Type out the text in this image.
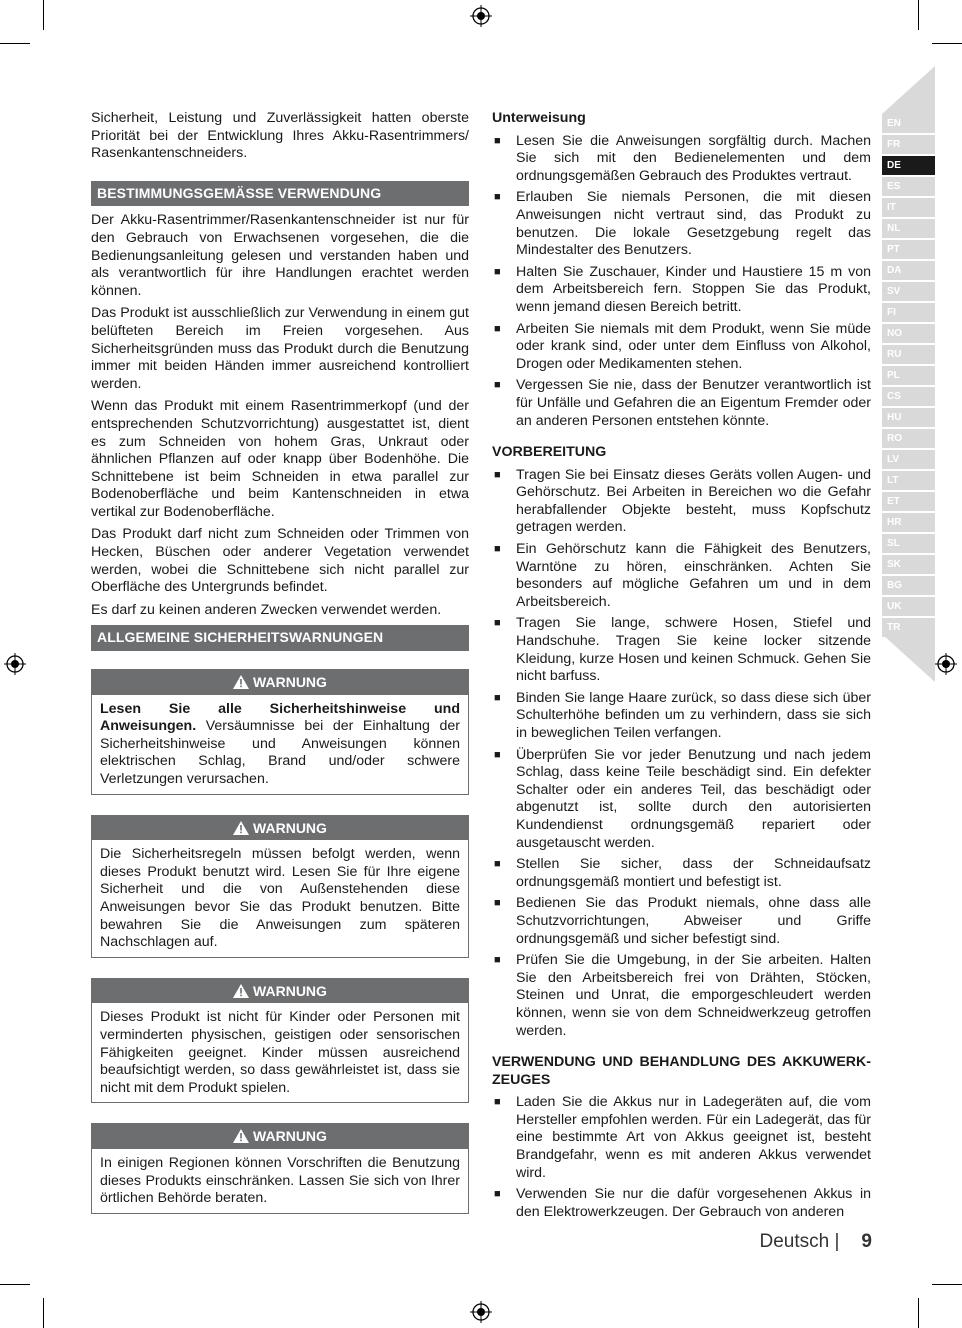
EN
FR
DE
ES
IT
NL
PT
DA
SV
FI
NO
RU
PL
CS
HU
RO
LV
LT
ET
HR
SL
SK
BG
UK
TR

Sicherheit, Leistung und Zuverlässigkeit hatten oberste Priorität bei der Entwicklung Ihres Akku-Rasentrimmers/ Rasenkantenschneiders.

BESTIMMUNGSGEMÄSSE VERWENDUNG

Der Akku-Rasentrimmer/Rasenkantenschneider ist nur für den Gebrauch von Erwachsenen vorgesehen, die die Bedienungsanleitung gelesen und verstanden haben und als verantwortlich für ihre Handlungen erachtet werden können.

Das Produkt ist ausschließlich zur Verwendung in einem gut belüfteten Bereich im Freien vorgesehen. Aus Sicherheitsgründen muss das Produkt durch die Benutzung immer mit beiden Händen immer ausreichend kontrolliert werden.

Wenn das Produkt mit einem Rasentrimmerkopf (und der entsprechenden Schutzvorrichtung) ausgestattet ist, dient es zum Schneiden von hohem Gras, Unkraut oder ähnlichen Pflanzen auf oder knapp über Bodenhöhe. Die Schnittebene ist beim Schneiden in etwa parallel zur Bodenoberfläche und beim Kantenschneiden in etwa vertikal zur Bodenoberfläche.

Das Produkt darf nicht zum Schneiden oder Trimmen von Hecken, Büschen oder anderer Vegetation verwendet werden, wobei die Schnittebene sich nicht parallel zur Oberfläche des Untergrunds befindet.

Es darf zu keinen anderen Zwecken verwendet werden.

ALLGEMEINE SICHERHEITSWARNUNGEN
WARNUNG
Lesen Sie alle Sicherheitshinweise und Anweisungen. Versäumnisse bei der Einhaltung der Sicherheitshinweise und Anweisungen können elektrischen Schlag, Brand und/oder schwere Verletzungen verursachen.
WARNUNG
Die Sicherheitsregeln müssen befolgt werden, wenn dieses Produkt benutzt wird. Lesen Sie für Ihre eigene Sicherheit und die von Außenstehenden diese Anweisungen bevor Sie das Produkt benutzen. Bitte bewahren Sie die Anweisungen zum späteren Nachschlagen auf.
WARNUNG
Dieses Produkt ist nicht für Kinder oder Personen mit verminderten physischen, geistigen oder sensorischen Fähigkeiten geeignet. Kinder müssen ausreichend beaufsichtigt werden, so dass gewährleistet ist, dass sie nicht mit dem Produkt spielen.
WARNUNG
In einigen Regionen können Vorschriften die Benutzung dieses Produkts einschränken. Lassen Sie sich von Ihrer örtlichen Behörde beraten.
Unterweisung
■ Lesen Sie die Anweisungen sorgfältig durch. Machen Sie sich mit den Bedienelementen und dem ordnungsgemäßen Gebrauch des Produktes vertraut.
■ Erlauben Sie niemals Personen, die mit diesen Anweisungen nicht vertraut sind, das Produkt zu benutzen. Die lokale Gesetzgebung regelt das Mindestalter des Benutzers.
■ Halten Sie Zuschauer, Kinder und Haustiere 15 m von dem Arbeitsbereich fern. Stoppen Sie das Produkt, wenn jemand diesen Bereich betritt.
■ Arbeiten Sie niemals mit dem Produkt, wenn Sie müde oder krank sind, oder unter dem Einfluss von Alkohol, Drogen oder Medikamenten stehen.
■ Vergessen Sie nie, dass der Benutzer verantwortlich ist für Unfälle und Gefahren die an Eigentum Fremder oder an anderen Personen entstehen könnte.
VORBEREITUNG
■ Tragen Sie bei Einsatz dieses Geräts vollen Augen- und Gehörschutz. Bei Arbeiten in Bereichen wo die Gefahr herabfallender Objekte besteht, muss Kopfschutz getragen werden.
■ Ein Gehörschutz kann die Fähigkeit des Benutzers, Warntöne zu hören, einschränken. Achten Sie besonders auf mögliche Gefahren um und in dem Arbeitsbereich.
■ Tragen Sie lange, schwere Hosen, Stiefel und Handschuhe. Tragen Sie keine locker sitzende Kleidung, kurze Hosen und keinen Schmuck. Gehen Sie nicht barfuss.
■ Binden Sie lange Haare zurück, so dass diese sich über Schulterhöhe befinden um zu verhindern, dass sie sich in beweglichen Teilen verfangen.
■ Überprüfen Sie vor jeder Benutzung und nach jedem Schlag, dass keine Teile beschädigt sind. Ein defekter Schalter oder ein anderes Teil, das beschädigt oder abgenutzt ist, sollte durch den autorisierten Kundendienst ordnungsgemäß repariert oder ausgetauscht werden.
■ Stellen Sie sicher, dass der Schneidaufsatz ordnungsgemäß montiert und befestigt ist.
■ Bedienen Sie das Produkt niemals, ohne dass alle Schutzvorrichtungen, Abweiser und Griffe ordnungsgemäß und sicher befestigt sind.
■ Prüfen Sie die Umgebung, in der Sie arbeiten. Halten Sie den Arbeitsbereich frei von Drähten, Stöcken, Steinen und Unrat, die emporgeschleudert werden können, wenn sie von dem Schneidwerkzeug getroffen werden.
VERWENDUNG UND BEHANDLUNG DES AKKUWERK-ZEUGES
■ Laden Sie die Akkus nur in Ladegeräten auf, die vom Hersteller empfohlen werden. Für ein Ladegerät, das für eine bestimmte Art von Akkus geeignet ist, besteht Brandgefahr, wenn es mit anderen Akkus verwendet wird.
■ Verwenden Sie nur die dafür vorgesehenen Akkus in den Elektrowerkzeugen. Der Gebrauch von anderen
Deutsch | 9
